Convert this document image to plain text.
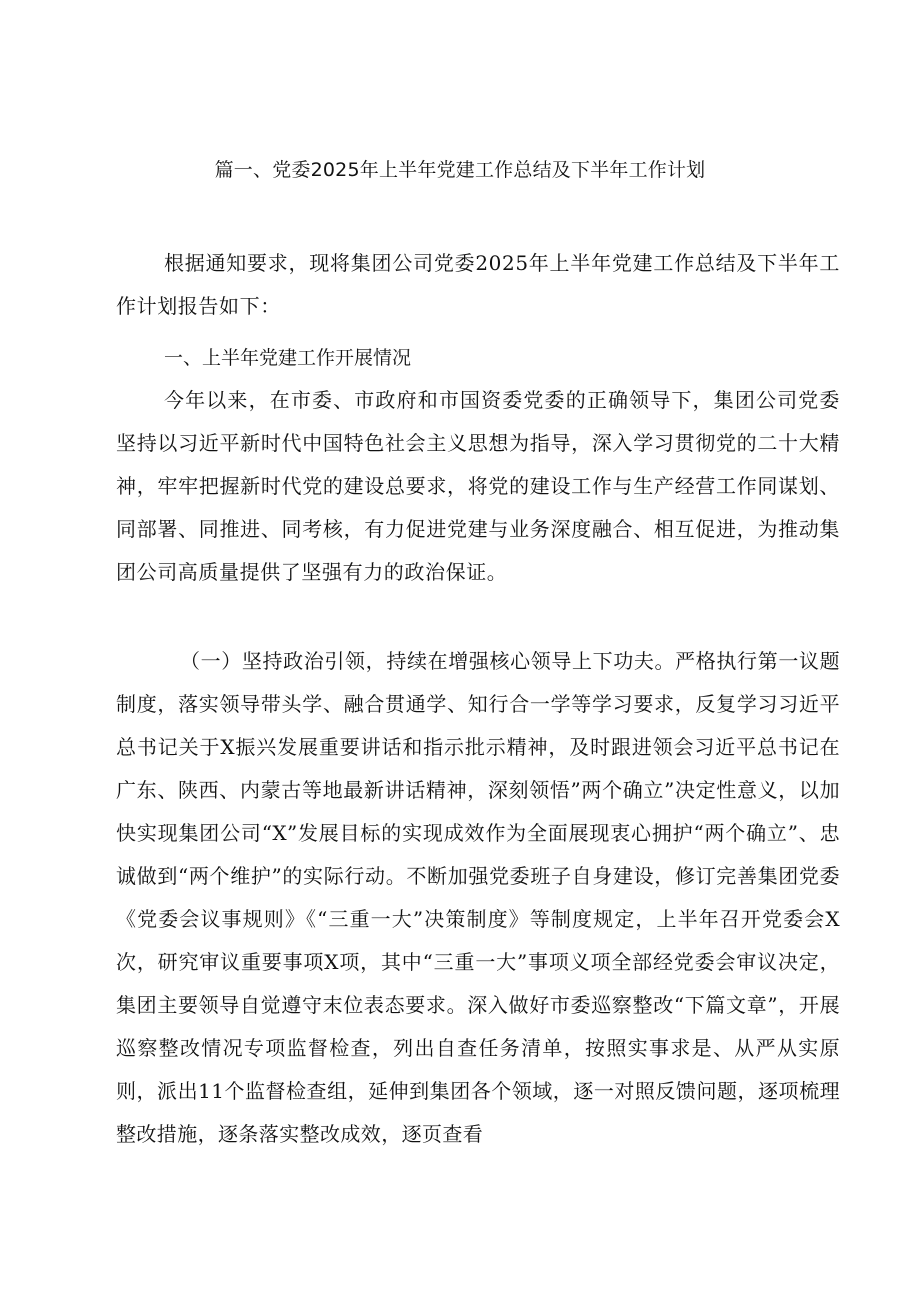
篇一、党委2025年上半年党建工作总结及下半年工作计划

根据通知要求，现将集团公司党委2025年上半年党建工作总结及下半年工作计划报告如下：

一、上半年党建工作开展情况

今年以来，在市委、市政府和市国资委党委的正确领导下，集团公司党委坚持以习近平新时代中国特色社会主义思想为指导，深入学习贯彻党的二十大精神，牢牢把握新时代党的建设总要求，将党的建设工作与生产经营工作同谋划、同部署、同推进、同考核，有力促进党建与业务深度融合、相互促进，为推动集团公司高质量提供了坚强有力的政治保证。

（一）坚持政治引领，持续在增强核心领导上下功夫。严格执行第一议题制度，落实领导带头学、融合贯通学、知行合一学等学习要求，反复学习习近平总书记关于X振兴发展重要讲话和指示批示精神，及时跟进领会习近平总书记在广东、陕西、内蒙古等地最新讲话精神，深刻领悟”两个确立”决定性意义，以加快实现集团公司“X”发展目标的实现成效作为全面展现衷心拥护“两个确立”、忠诚做到“两个维护”的实际行动。不断加强党委班子自身建设，修订完善集团党委《党委会议事规则》《“三重一大”决策制度》等制度规定，上半年召开党委会X次，研究审议重要事项X项，其中“三重一大”事项义项全部经党委会审议决定，集团主要领导自觉遵守末位表态要求。深入做好市委巡察整改“下篇文章”，开展巡察整改情况专项监督检查，列出自查任务清单，按照实事求是、从严从实原则，派出11个监督检查组，延伸到集团各个领域，逐一对照反馈问题，逐项梳理整改措施，逐条落实整改成效，逐页查看
